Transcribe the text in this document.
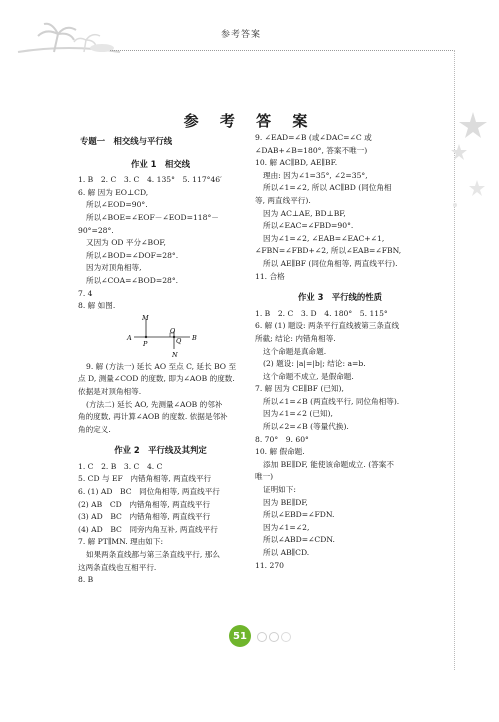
参考答案
参 考 答 案
专题一　相交线与平行线
作业 1　相交线
1. B　2. C　3. C　4. 135°　5. 117°46′
6. 解 因为 EO⊥CD,
所以∠EOD=90°.
所以∠BOE=∠EOF－∠EOD=118°－
90°=28°.
又因为 OD 平分∠BOF,
所以∠BOD=∠DOF=28°.
因为对顶角相等,
所以∠COA=∠BOD=28°.
7. 4
8. 解 如图.
M
A
P
O
Q B
N
9. 解 (方法一) 延长 AO 至点 C, 延长 BO 至
点 D, 测量∠COD 的度数, 即为∠AOB 的度数.
依据是对顶角相等.
(方法二) 延长 AO, 先测量∠AOB 的邻补
角的度数, 再计算∠AOB 的度数. 依据是邻补
角的定义.
作业 2　平行线及其判定
1. C　2. B　3. C　4. C
5. CD 与 EF　内错角相等, 两直线平行
6. (1) AD　BC　同位角相等, 两直线平行
(2) AB　CD　内错角相等, 两直线平行
(3) AD　BC　内错角相等, 两直线平行
(4) AD　BC　同旁内角互补, 两直线平行
7. 解 PT∥MN. 理由如下:
如果两条直线都与第三条直线平行, 那么
这两条直线也互相平行.
8. B
9. ∠EAD=∠B (或∠DAC=∠C 或
∠DAB+∠B=180°, 答案不唯一)
10. 解 AC∥BD, AE∥BF.
理由: 因为∠1=35°, ∠2=35°,
所以∠1=∠2, 所以 AC∥BD (同位角相
等, 两直线平行).
因为 AC⊥AE, BD⊥BF,
所以∠EAC=∠FBD=90°.
因为∠1=∠2, ∠EAB=∠EAC+∠1,
∠FBN=∠FBD+∠2, 所以∠EAB=∠FBN,
所以 AE∥BF (同位角相等, 两直线平行).
11. 合格
作业 3　平行线的性质
1. B　2. C　3. D　4. 180°　5. 115°
6. 解 (1) 题设: 两条平行直线被第三条直线
所截; 结论: 内错角相等.
这个命题是真命题.
(2) 题设: |a|=|b|; 结论: a=b.
这个命题不成立, 是假命题.
7. 解 因为 CE∥BF (已知),
所以∠1=∠B (两直线平行, 同位角相等).
因为∠1=∠2 (已知),
所以∠2=∠B (等量代换).
8. 70°　9. 60°
10. 解 假命题.
添加 BE∥DF, 能使该命题成立. (答案不
唯一)
证明如下:
因为 BE∥DF,
所以∠EBD=∠FDN.
因为∠1=∠2,
所以∠ABD=∠CDN.
所以 AB∥CD.
11. 270
51
